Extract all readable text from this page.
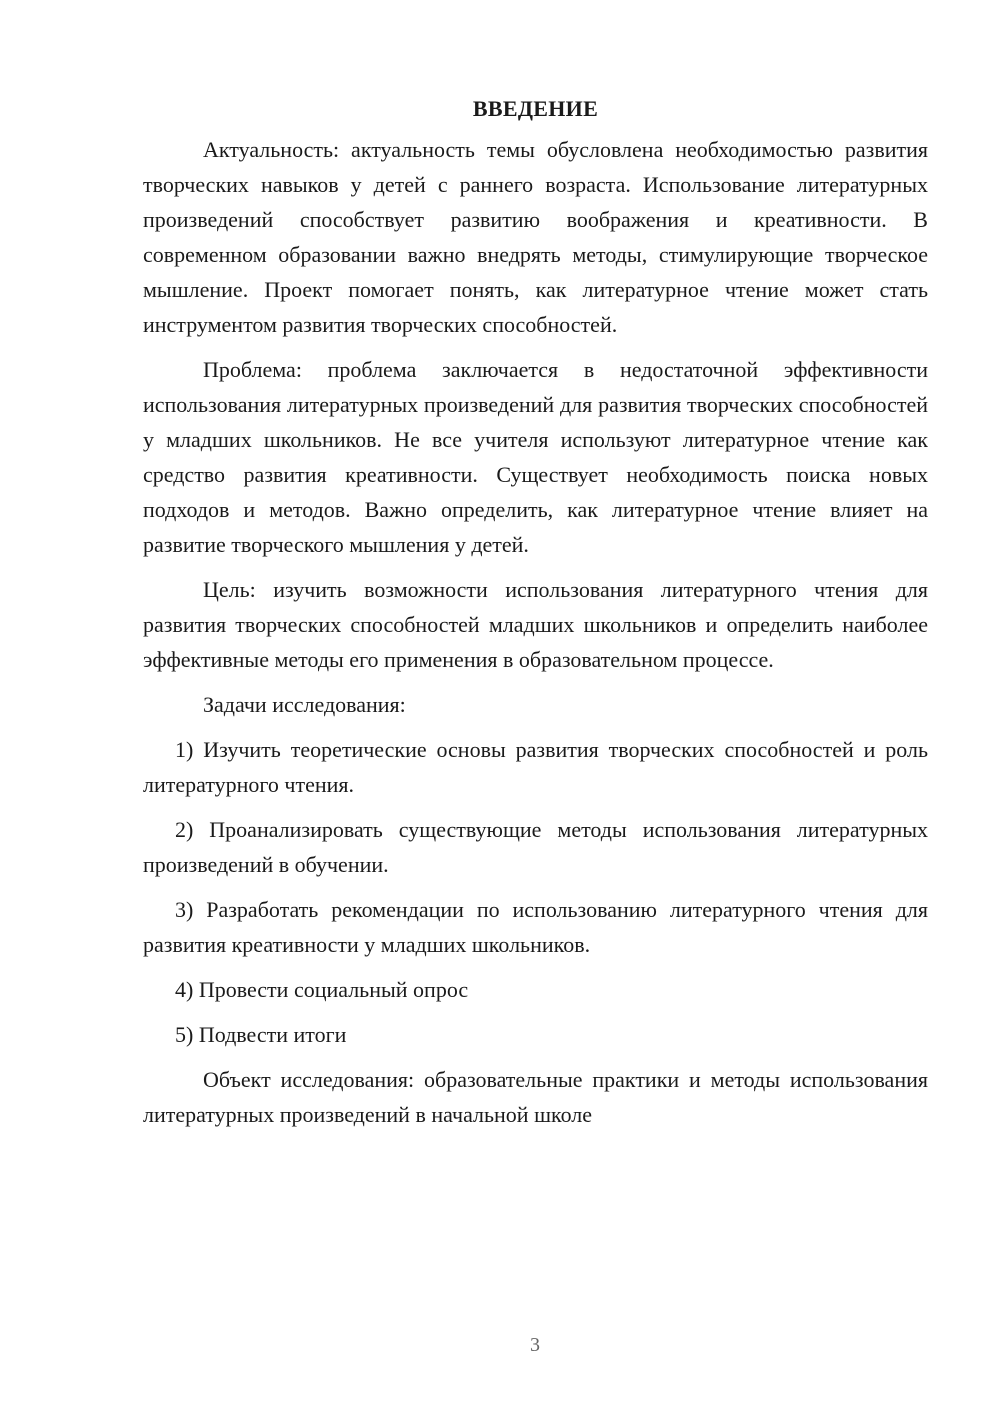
ВВЕДЕНИЕ

Актуальность: актуальность темы обусловлена необходимостью развития творческих навыков у детей с раннего возраста. Использование литературных произведений способствует развитию воображения и креативности. В современном образовании важно внедрять методы, стимулирующие творческое мышление. Проект помогает понять, как литературное чтение может стать инструментом развития творческих способностей.

Проблема: проблема заключается в недостаточной эффективности использования литературных произведений для развития творческих способностей у младших школьников. Не все учителя используют литературное чтение как средство развития креативности. Существует необходимость поиска новых подходов и методов. Важно определить, как литературное чтение влияет на развитие творческого мышления у детей.

Цель: изучить возможности использования литературного чтения для развития творческих способностей младших школьников и определить наиболее эффективные методы его применения в образовательном процессе.

Задачи исследования:

1) Изучить теоретические основы развития творческих способностей и роль литературного чтения.

2) Проанализировать существующие методы использования литературных произведений в обучении.

3) Разработать рекомендации по использованию литературного чтения для развития креативности у младших школьников.

4) Провести социальный опрос

5) Подвести итоги

Объект исследования: образовательные практики и методы использования литературных произведений в начальной школе

3
